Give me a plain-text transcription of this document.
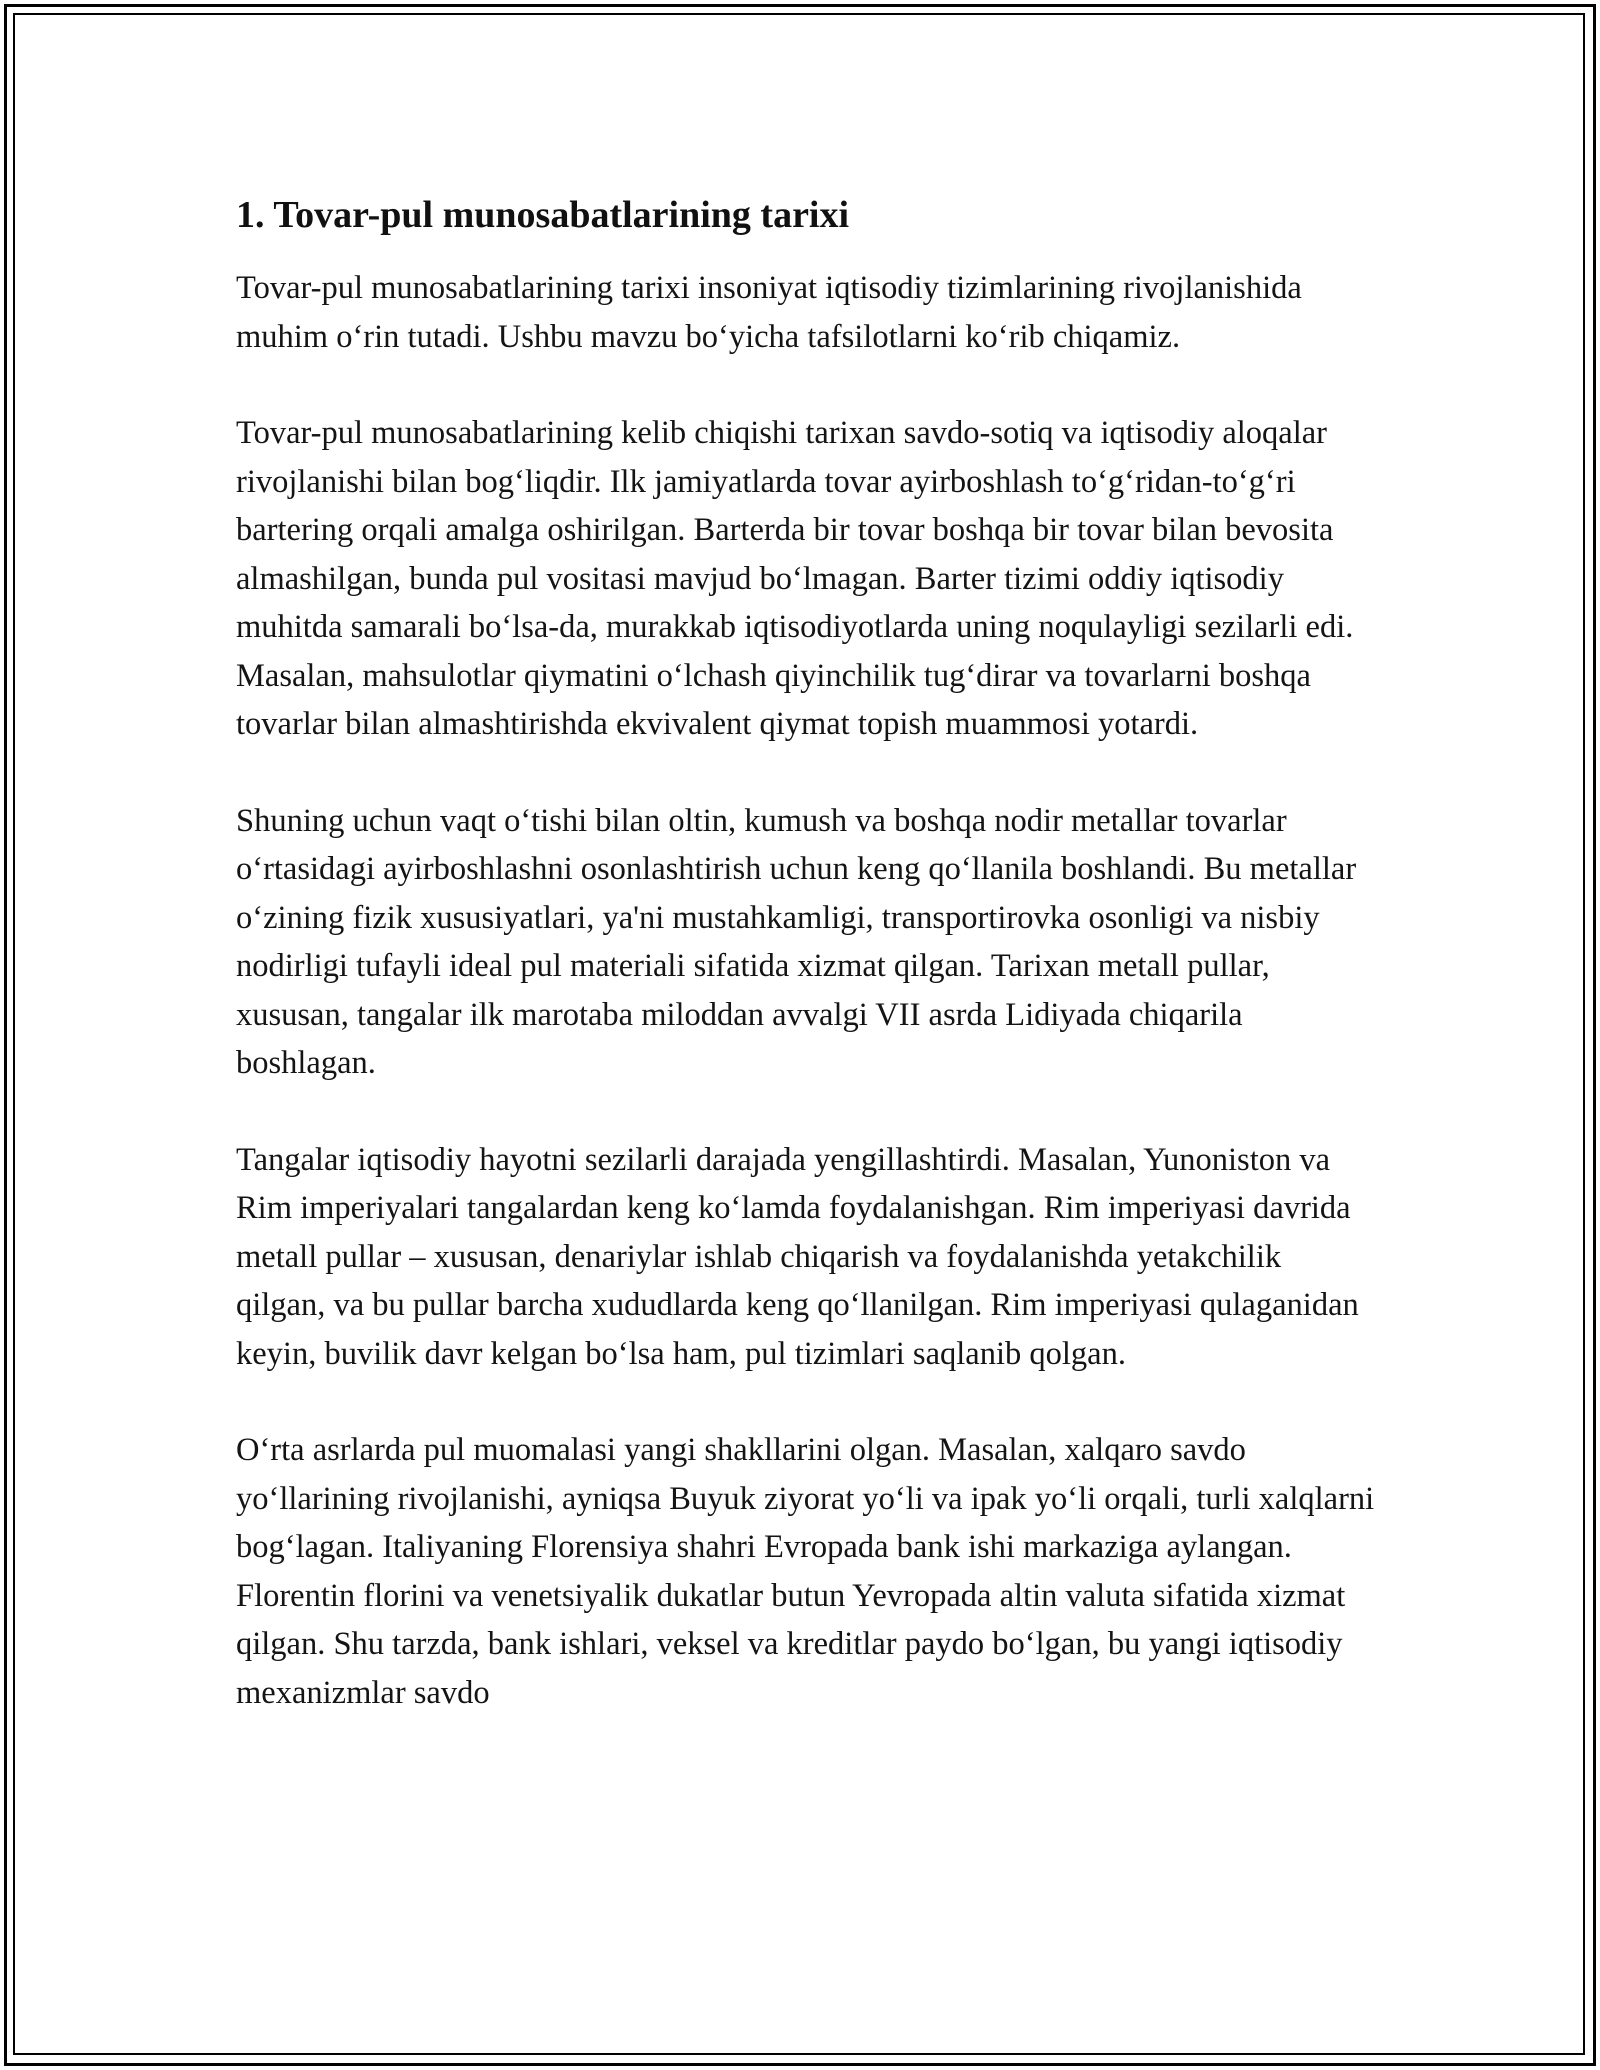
1. Tovar-pul munosabatlarining tarixi

Tovar-pul munosabatlarining tarixi insoniyat iqtisodiy tizimlarining rivojlanishida muhim o‘rin tutadi. Ushbu mavzu bo‘yicha tafsilotlarni ko‘rib chiqamiz.

Tovar-pul munosabatlarining kelib chiqishi tarixan savdo-sotiq va iqtisodiy aloqalar rivojlanishi bilan bog‘liqdir. Ilk jamiyatlarda tovar ayirboshlash to‘g‘ridan-to‘g‘ri bartering orqali amalga oshirilgan. Barterda bir tovar boshqa bir tovar bilan bevosita almashilgan, bunda pul vositasi mavjud bo‘lmagan. Barter tizimi oddiy iqtisodiy muhitda samarali bo‘lsa-da, murakkab iqtisodiyotlarda uning noqulayligi sezilarli edi. Masalan, mahsulotlar qiymatini o‘lchash qiyinchilik tug‘dirar va tovarlarni boshqa tovarlar bilan almashtirishda ekvivalent qiymat topish muammosi yotardi.

Shuning uchun vaqt o‘tishi bilan oltin, kumush va boshqa nodir metallar tovarlar o‘rtasidagi ayirboshlashni osonlashtirish uchun keng qo‘llanila boshlandi. Bu metallar o‘zining fizik xususiyatlari, ya'ni mustahkamligi, transportirovka osonligi va nisbiy nodirligi tufayli ideal pul materiali sifatida xizmat qilgan. Tarixan metall pullar, xususan, tangalar ilk marotaba miloddan avvalgi VII asrda Lidiyada chiqarila boshlagan.

Tangalar iqtisodiy hayotni sezilarli darajada yengillashtirdi. Masalan, Yunoniston va Rim imperiyalari tangalardan keng ko‘lamda foydalanishgan. Rim imperiyasi davrida metall pullar – xususan, denariylar ishlab chiqarish va foydalanishda yetakchilik qilgan, va bu pullar barcha xududlarda keng qo‘llanilgan. Rim imperiyasi qulaganidan keyin, buvilik davr kelgan bo‘lsa ham, pul tizimlari saqlanib qolgan.

O‘rta asrlarda pul muomalasi yangi shakllarini olgan. Masalan, xalqaro savdo yo‘llarining rivojlanishi, ayniqsa Buyuk ziyorat yo‘li va ipak yo‘li orqali, turli xalqlarni bog‘lagan. Italiyaning Florensiya shahri Evropada bank ishi markaziga aylangan. Florentin florini va venetsiyalik dukatlar butun Yevropada altin valuta sifatida xizmat qilgan. Shu tarzda, bank ishlari, veksel va kreditlar paydo bo‘lgan, bu yangi iqtisodiy mexanizmlar savdo
